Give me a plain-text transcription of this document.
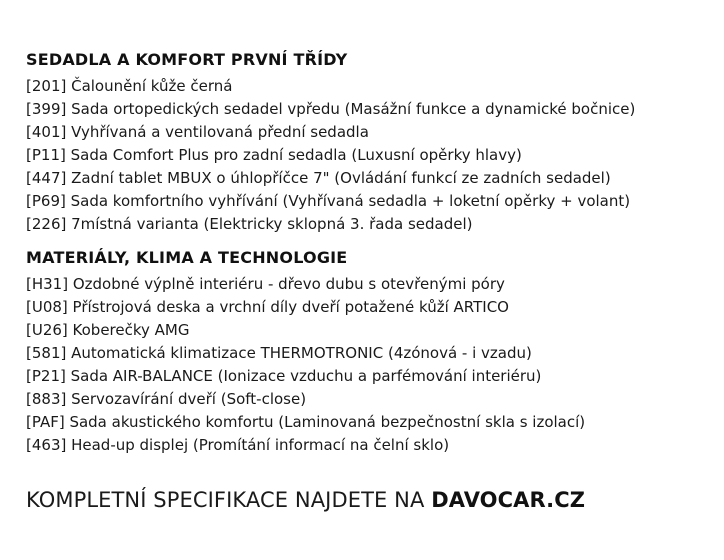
SEDADLA A KOMFORT PRVNÍ TŘÍDY
[201] Čalounění kůže černá
[399] Sada ortopedických sedadel vpředu (Masážní funkce a dynamické bočnice)
[401] Vyhřívaná a ventilovaná přední sedadla
[P11] Sada Comfort Plus pro zadní sedadla (Luxusní opěrky hlavy)
[447] Zadní tablet MBUX o úhlopříčce 7" (Ovládání funkcí ze zadních sedadel)
[P69] Sada komfortního vyhřívání (Vyhřívaná sedadla + loketní opěrky + volant)
[226] 7místná varianta (Elektricky sklopná 3. řada sedadel)
MATERIÁLY, KLIMA A TECHNOLOGIE
[H31] Ozdobné výplně interiéru - dřevo dubu s otevřenými póry
[U08] Přístrojová deska a vrchní díly dveří potažené kůží ARTICO
[U26] Koberečky AMG
[581] Automatická klimatizace THERMOTRONIC (4zónová - i vzadu)
[P21] Sada AIR-BALANCE (Ionizace vzduchu a parfémování interiéru)
[883] Servozavírání dveří (Soft-close)
[PAF] Sada akustického komfortu (Laminovaná bezpečnostní skla s izolací)
[463] Head-up displej (Promítání informací na čelní sklo)
KOMPLETNÍ SPECIFIKACE NAJDETE NA DAVOCAR.CZ
